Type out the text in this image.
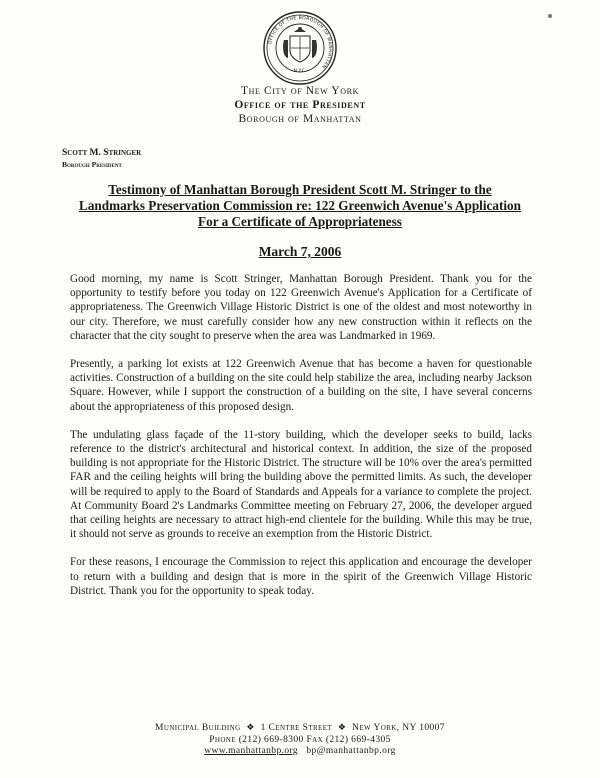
OFFICE OF THE BOROUGH OF MANHATTAN
N.Y.C.
The City of New York
Office of the President
Borough of Manhattan
Scott M. Stringer
Borough President
Testimony of Manhattan Borough President Scott M. Stringer to the
Landmarks Preservation Commission re: 122 Greenwich Avenue's Application
For a Certificate of Appropriateness
March 7, 2006

Good morning, my name is Scott Stringer, Manhattan Borough President. Thank you for the opportunity to testify before you today on 122 Greenwich Avenue's Application for a Certificate of appropriateness. The Greenwich Village Historic District is one of the oldest and most noteworthy in our city. Therefore, we must carefully consider how any new construction within it reflects on the character that the city sought to preserve when the area was Landmarked in 1969.

Presently, a parking lot exists at 122 Greenwich Avenue that has become a haven for questionable activities. Construction of a building on the site could help stabilize the area, including nearby Jackson Square. However, while I support the construction of a building on the site, I have several concerns about the appropriateness of this proposed design.

The undulating glass façade of the 11-story building, which the developer seeks to build, lacks reference to the district's architectural and historical context. In addition, the size of the proposed building is not appropriate for the Historic District. The structure will be 10% over the area's permitted FAR and the ceiling heights will bring the building above the permitted limits. As such, the developer will be required to apply to the Board of Standards and Appeals for a variance to complete the project. At Community Board 2's Landmarks Committee meeting on February 27, 2006, the developer argued that ceiling heights are necessary to attract high-end clientele for the building. While this may be true, it should not serve as grounds to receive an exemption from the Historic District.

For these reasons, I encourage the Commission to reject this application and encourage the developer to return with a building and design that is more in the spirit of the Greenwich Village Historic District. Thank you for the opportunity to speak today.

Municipal Building ❖ 1 Centre Street ❖ New York, NY 10007
Phone (212) 669-8300 Fax (212) 669-4305
www.manhattanbp.org bp@manhattanbp.org
